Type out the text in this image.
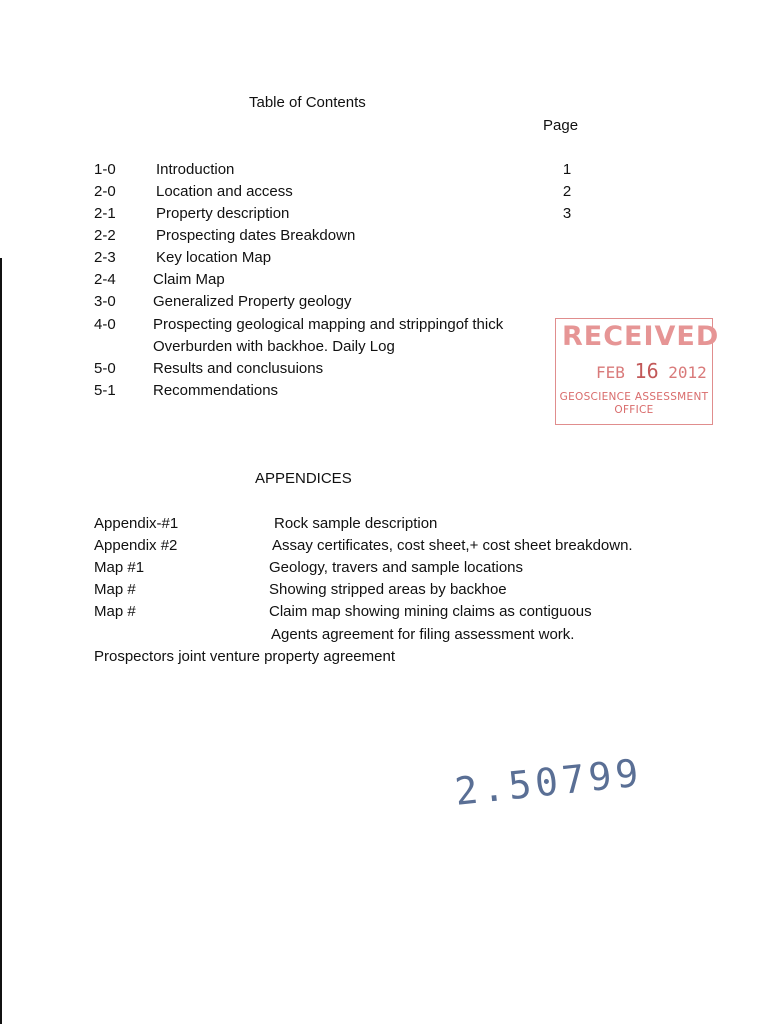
Table of Contents
Page
1-0	Introduction	1
2-0	Location and access	2
2-1	Property description	3
2-2	Prospecting dates Breakdown
2-3	Key location Map
2-4 Claim Map
3-0 Generalized Property geology
4-0 Prospecting geological mapping and strippingof thick
Overburden with backhoe. Daily Log
5-0 Results and conclusuions
5-1 Recommendations
RECEIVED
FEB 16 2012
GEOSCIENCE ASSESSMENT
OFFICE
APPENDICES
Appendix-#1	Rock sample description
Appendix #2	Assay certificates, cost sheet,+ cost sheet breakdown.
Map #1	Geology, travers and sample locations
Map #	Showing stripped areas by backhoe
Map #	Claim map showing mining claims as contiguous
Agents agreement for filing assessment work.
Prospectors joint venture property agreement
2.50799
